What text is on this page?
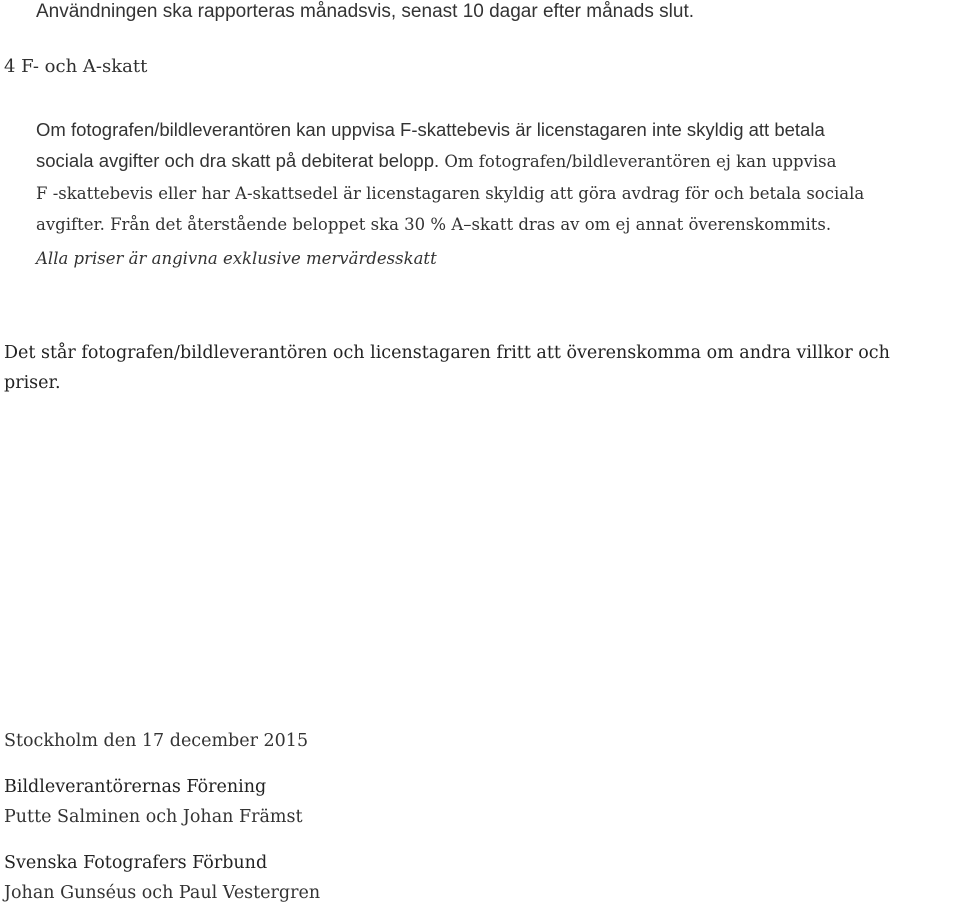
Användningen ska rapporteras månadsvis, senast 10 dagar efter månads slut.
4 F- och A-skatt
Om fotografen/bildleverantören kan uppvisa F-skattebevis är licenstagaren inte skyldig att betala
sociala avgifter och dra skatt på debiterat belopp. Om fotografen/bildleverantören ej kan uppvisa
F -skattebevis eller har A-skattsedel är licenstagaren skyldig att göra avdrag för och betala sociala
avgifter. Från det återstående beloppet ska 30 % A–skatt dras av om ej annat överenskommits.
Alla priser är angivna exklusive mervärdesskatt
Det står fotografen/bildleverantören och licenstagaren fritt att överenskomma om andra villkor och
priser.
Stockholm den 17 december 2015
Bildleverantörernas Förening
Putte Salminen och Johan Främst
Svenska Fotografers Förbund
Johan Gunséus och Paul Vestergren
